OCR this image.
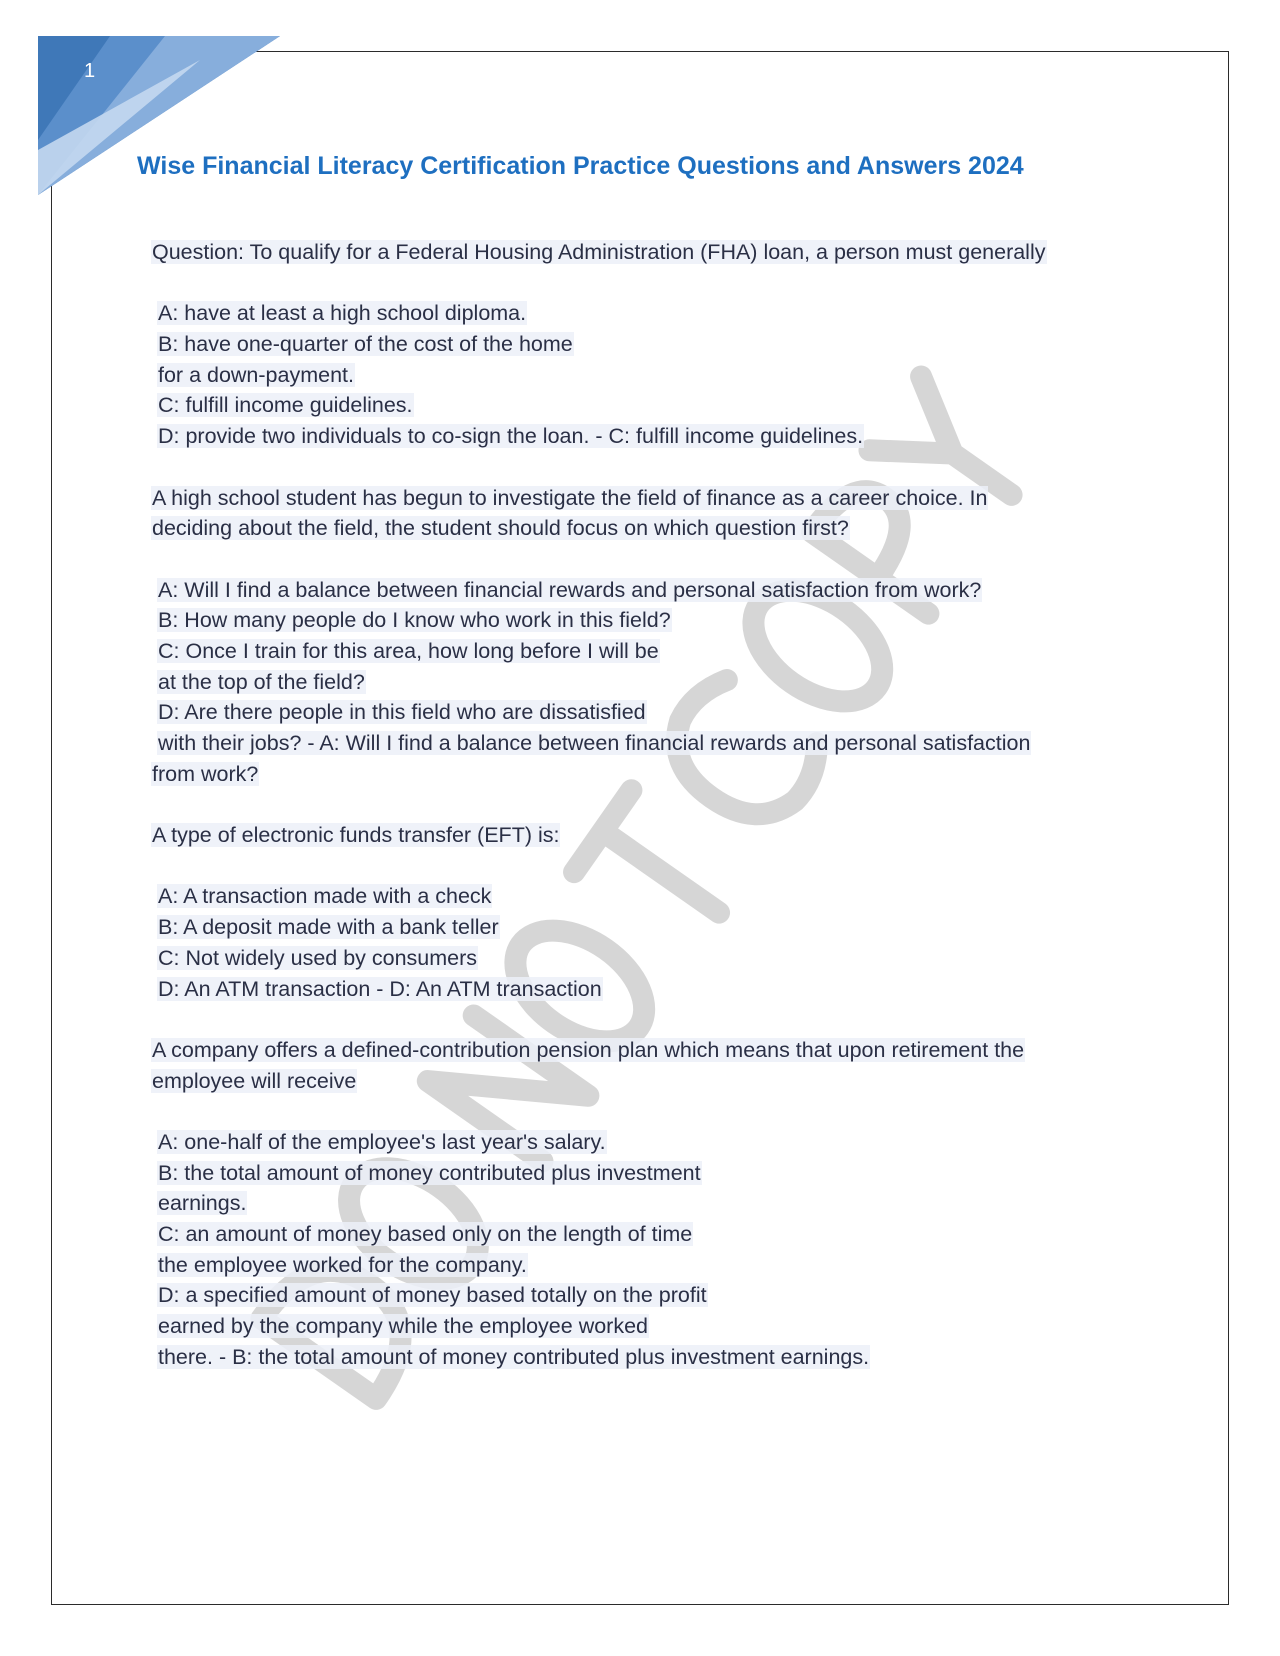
1
Wise Financial Literacy Certification Practice Questions and Answers 2024
Question: To qualify for a Federal Housing Administration (FHA) loan, a person must generally
A: have at least a high school diploma.
B: have one-quarter of the cost of the home
for a down-payment.
C: fulfill income guidelines.
D: provide two individuals to co-sign the loan. - C: fulfill income guidelines.
A high school student has begun to investigate the field of finance as a career choice. In
deciding about the field, the student should focus on which question first?
A: Will I find a balance between financial rewards and personal satisfaction from work?
B: How many people do I know who work in this field?
C: Once I train for this area, how long before I will be
at the top of the field?
D: Are there people in this field who are dissatisfied
with their jobs? - A: Will I find a balance between financial rewards and personal satisfaction
from work?
A type of electronic funds transfer (EFT) is:
A: A transaction made with a check
B: A deposit made with a bank teller
C: Not widely used by consumers
D: An ATM transaction - D: An ATM transaction
A company offers a defined-contribution pension plan which means that upon retirement the
employee will receive
A: one-half of the employee's last year's salary.
B: the total amount of money contributed plus investment
earnings.
C: an amount of money based only on the length of time
the employee worked for the company.
D: a specified amount of money based totally on the profit
earned by the company while the employee worked
there. - B: the total amount of money contributed plus investment earnings.
